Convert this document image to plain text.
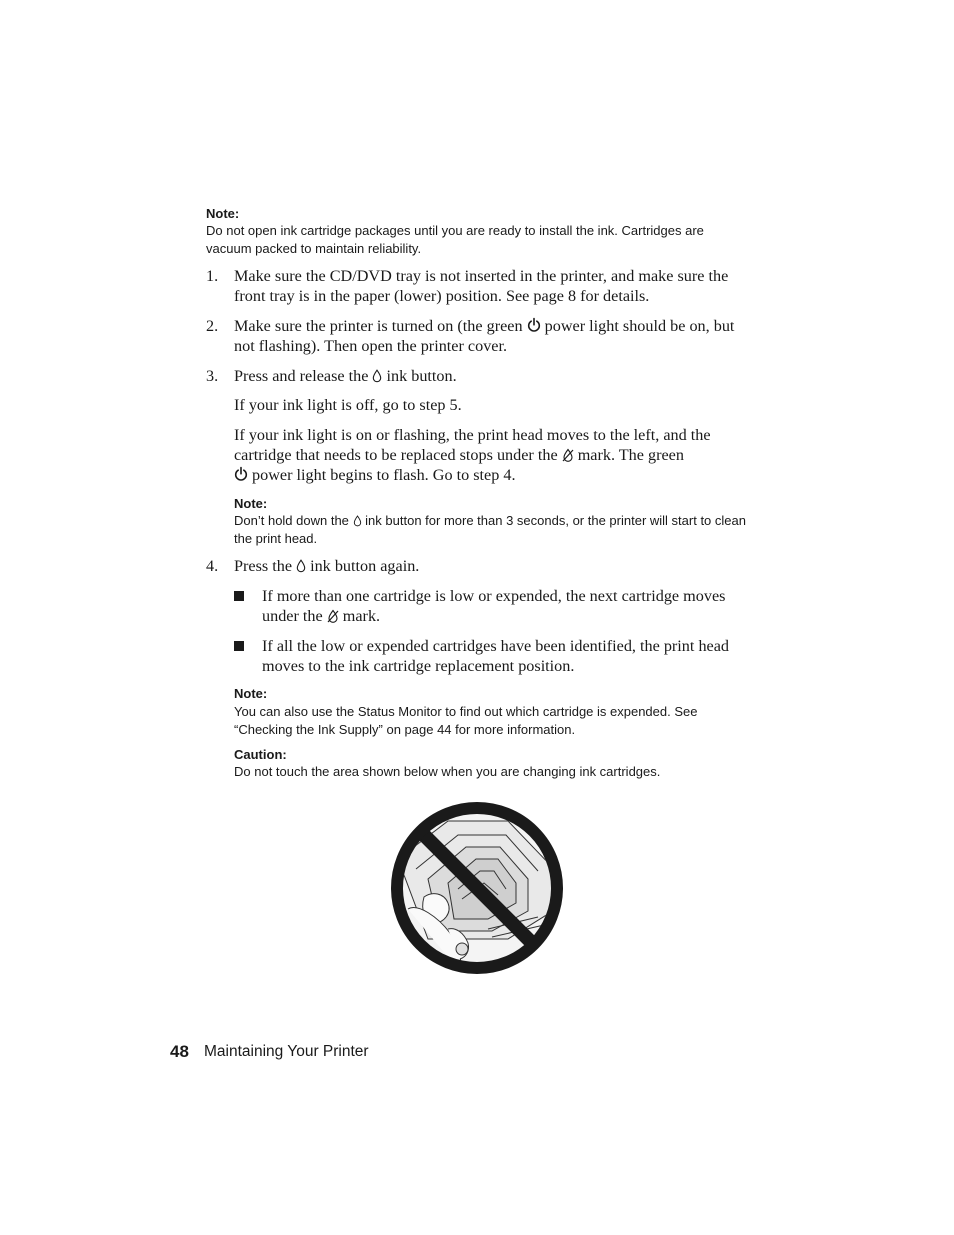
Note:
Do not open ink cartridge packages until you are ready to install the ink. Cartridges are vacuum packed to maintain reliability.
1. Make sure the CD/DVD tray is not inserted in the printer, and make sure the front tray is in the paper (lower) position. See page 8 for details.
2. Make sure the printer is turned on (the green power light should be on, but not flashing). Then open the printer cover.
3. Press and release the ink button.
If your ink light is off, go to step 5.
If your ink light is on or flashing, the print head moves to the left, and the cartridge that needs to be replaced stops under the mark. The green
power light begins to flash. Go to step 4.
Note:
Don’t hold down the ink button for more than 3 seconds, or the printer will start to clean the print head.
4. Press the ink button again.
If more than one cartridge is low or expended, the next cartridge moves under the mark.
If all the low or expended cartridges have been identified, the print head moves to the ink cartridge replacement position.
Note:
You can also use the Status Monitor to find out which cartridge is expended. See “Checking the Ink Supply” on page 44 for more information.
Caution:
Do not touch the area shown below when you are changing ink cartridges.
48 Maintaining Your Printer
